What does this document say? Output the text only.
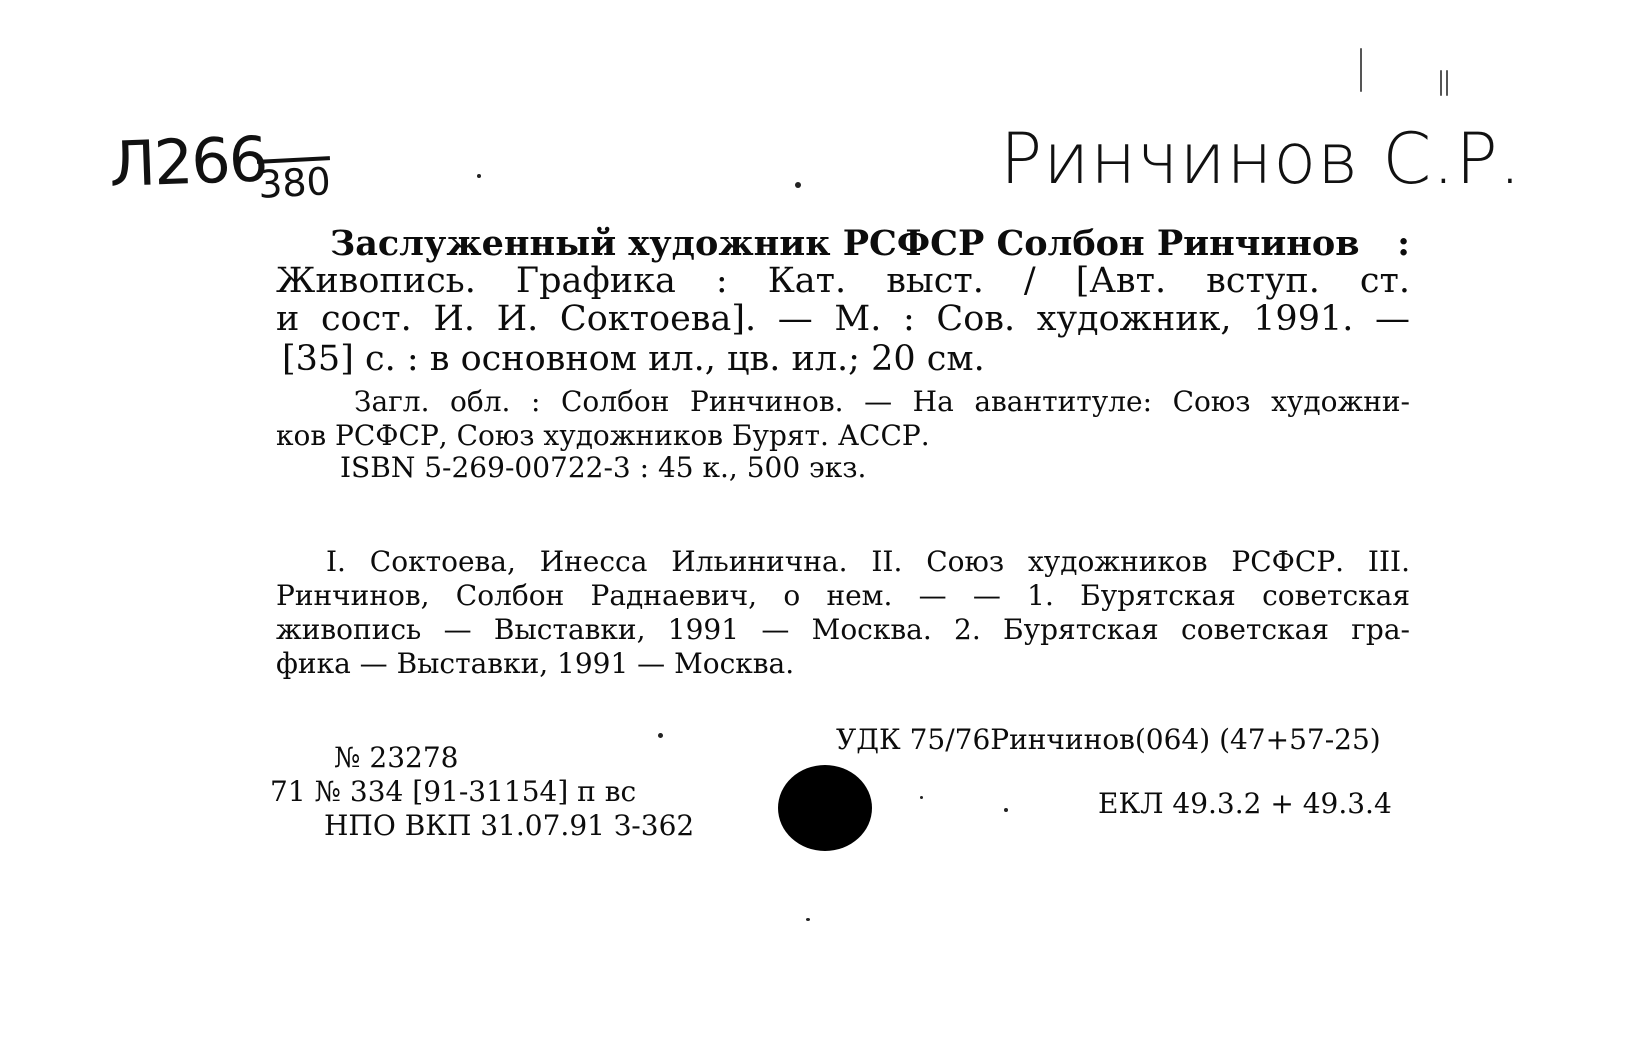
Л266
380	Ринчинов С.Р.
Заслуженный художник РСФСР Солбон Ринчинов :
Живопись. Графика : Кат. выст. / [Авт. вступ. ст.
и сост. И. И. Соктоева]. — М. : Сов. художник, 1991. —
[35] с. : в основном ил., цв. ил.; 20 см.
Загл. обл. : Солбон Ринчинов. — На авантитуле: Союз художни-
ков РСФСР, Союз художников Бурят. АССР.
ISBN 5-269-00722-3 : 45 к., 500 экз.
I. Соктоева, Инесса Ильинична. II. Союз художников РСФСР. III.
Ринчинов, Солбон Раднаевич, о нем. — — 1. Бурятская советская
живопись — Выставки, 1991 — Москва. 2. Бурятская советская гра-
фика — Выставки, 1991 — Москва.
№ 23278
71 № 334 [91-31154] п вс
НПО ВКП 31.07.91 З-362
УДК 75/76Ринчинов(064) (47+57-25)
ЕКЛ 49.3.2 + 49.3.4
